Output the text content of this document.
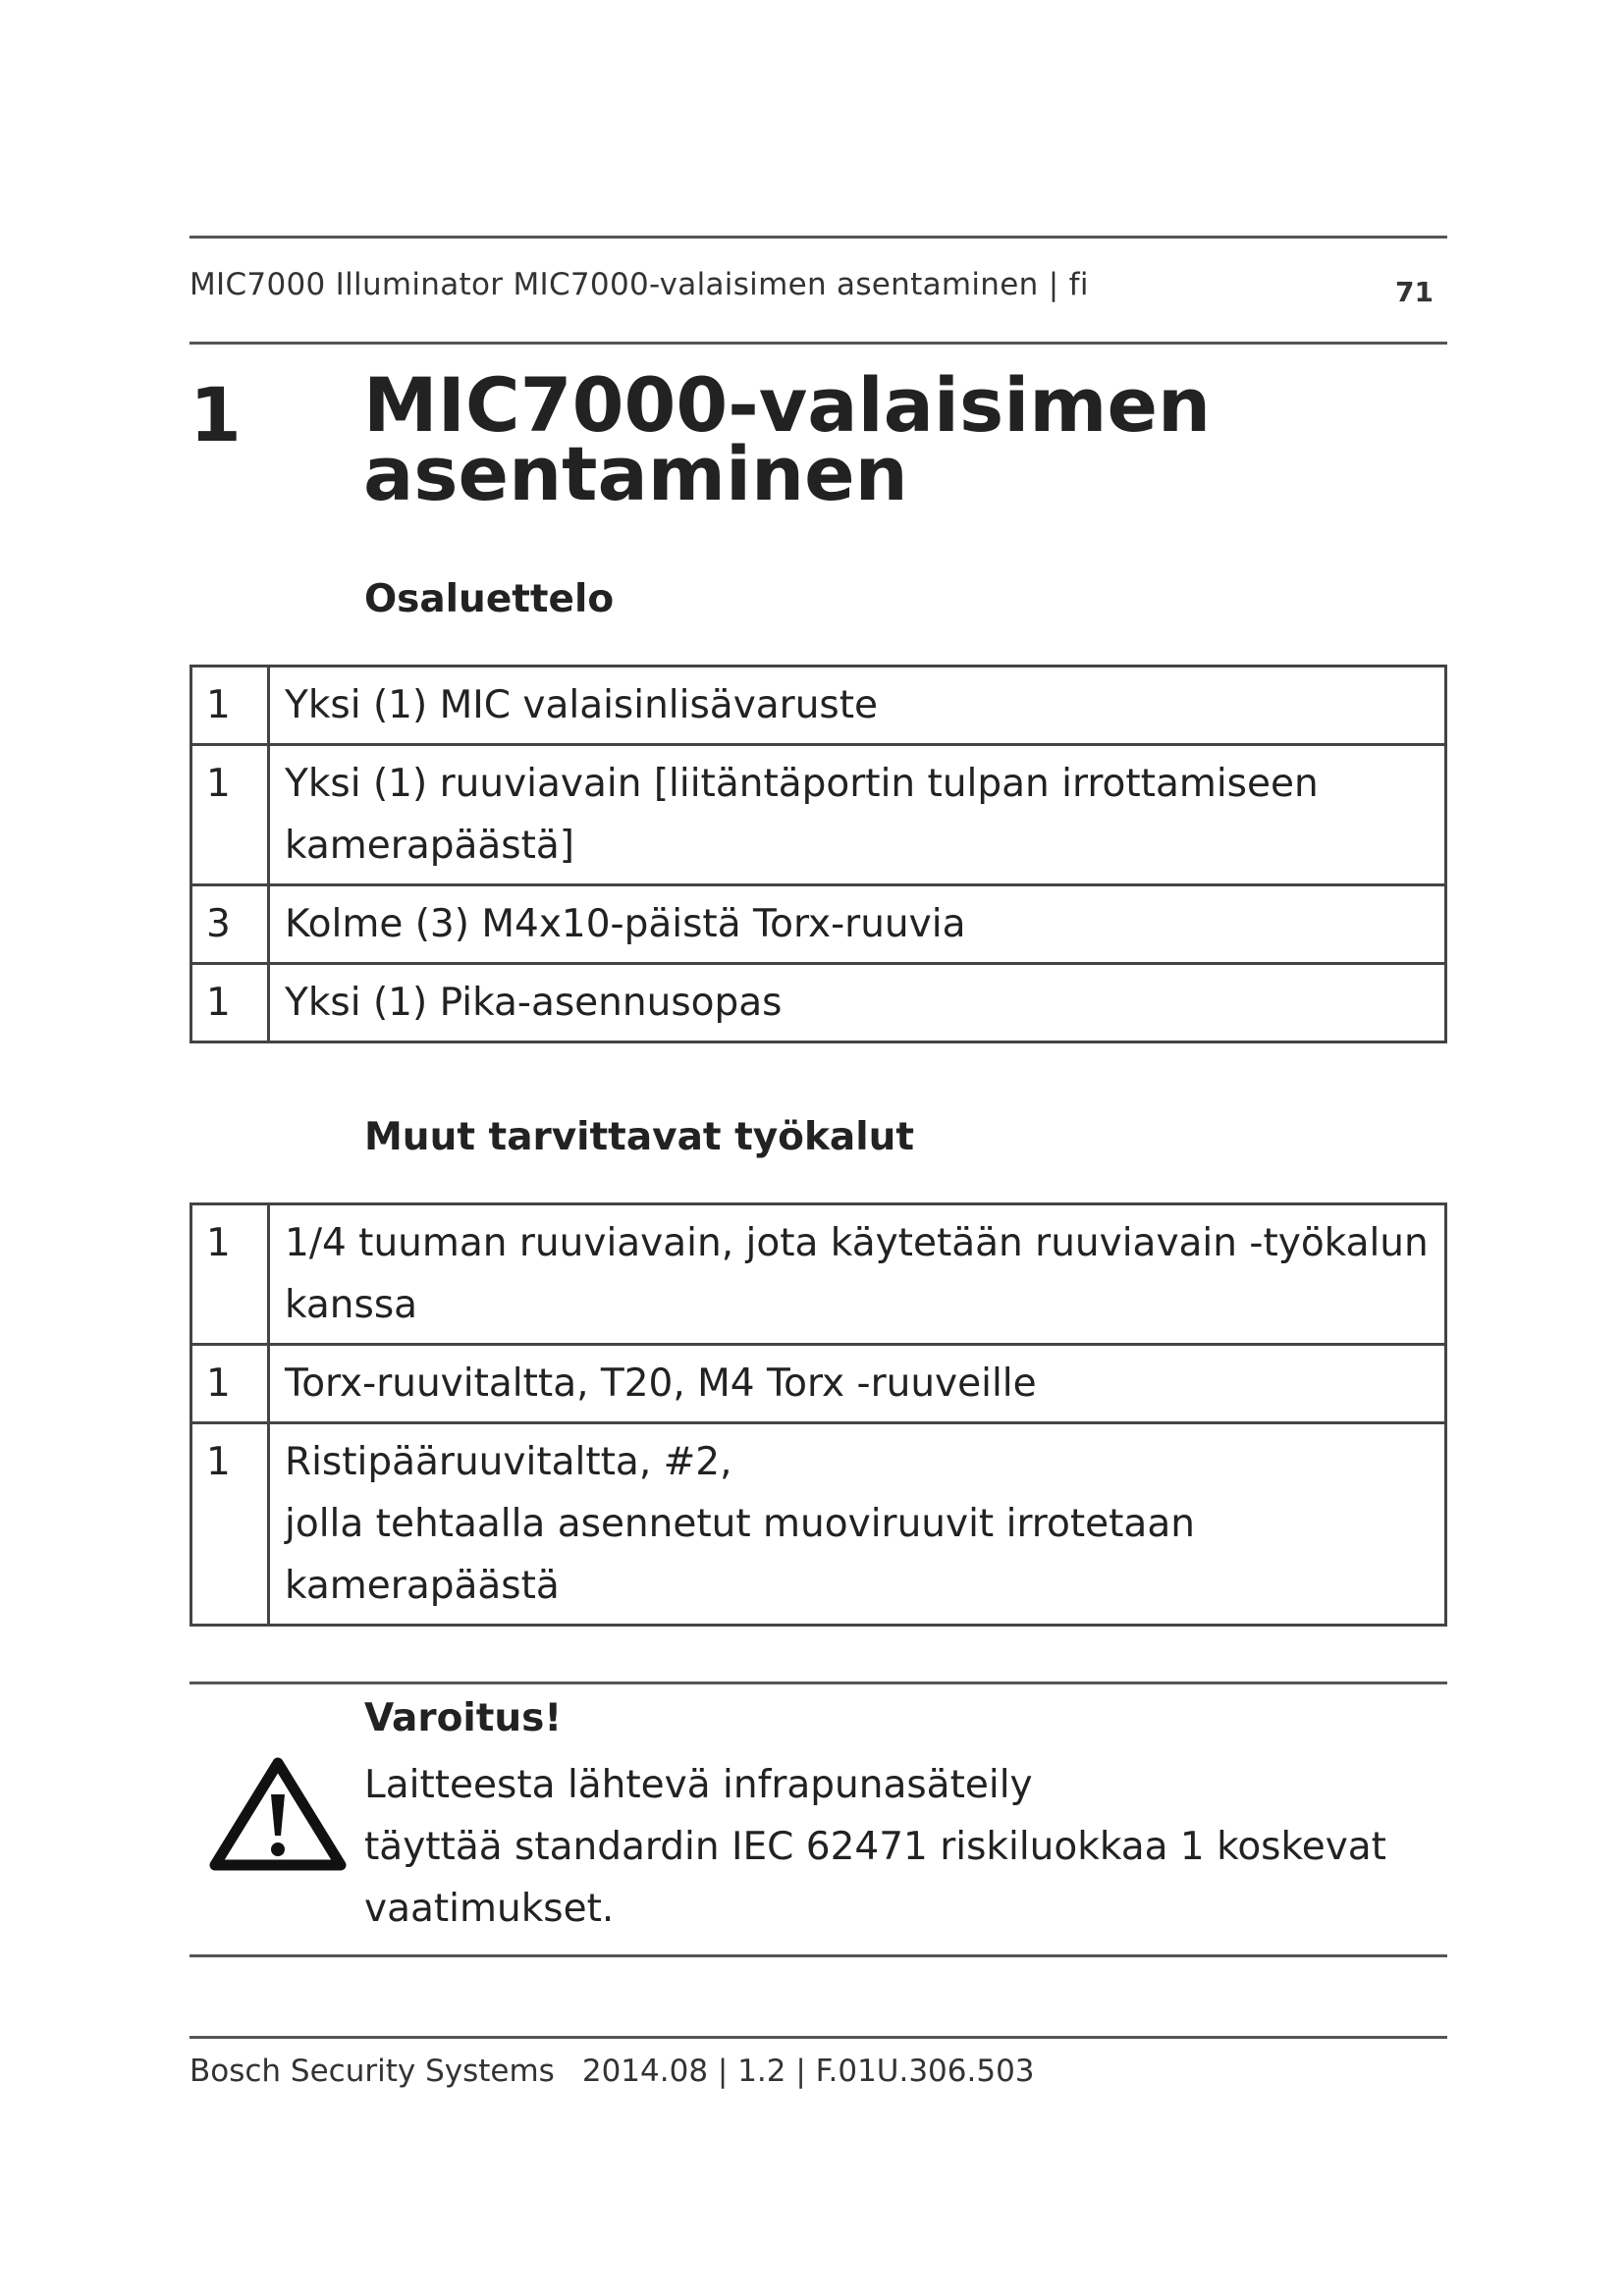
MIC7000 Illuminator MIC7000-valaisimen asentaminen | fi	71
1 MIC7000-valaisimen
asentaminen
Osaluettelo
1	Yksi (1) MIC valaisinlisävaruste
1	Yksi (1) ruuviavain [liitäntäportin tulpan irrottamiseen kamerapäästä]
3	Kolme (3) M4x10-päistä Torx-ruuvia
1	Yksi (1) Pika-asennusopas
Muut tarvittavat työkalut
1	1/4 tuuman ruuviavain, jota käytetään ruuviavain -työkalun kanssa
1	Torx-ruuvitaltta, T20, M4 Torx -ruuveille
1	Ristipääruuvitaltta, #2,
jolla tehtaalla asennetut muoviruuvit irrotetaan kamerapäästä
Varoitus!
Laitteesta lähtevä infrapunasäteily
täyttää standardin IEC 62471 riskiluokkaa 1 koskevat vaatimukset.
Bosch Security Systems 2014.08 | 1.2 | F.01U.306.503
